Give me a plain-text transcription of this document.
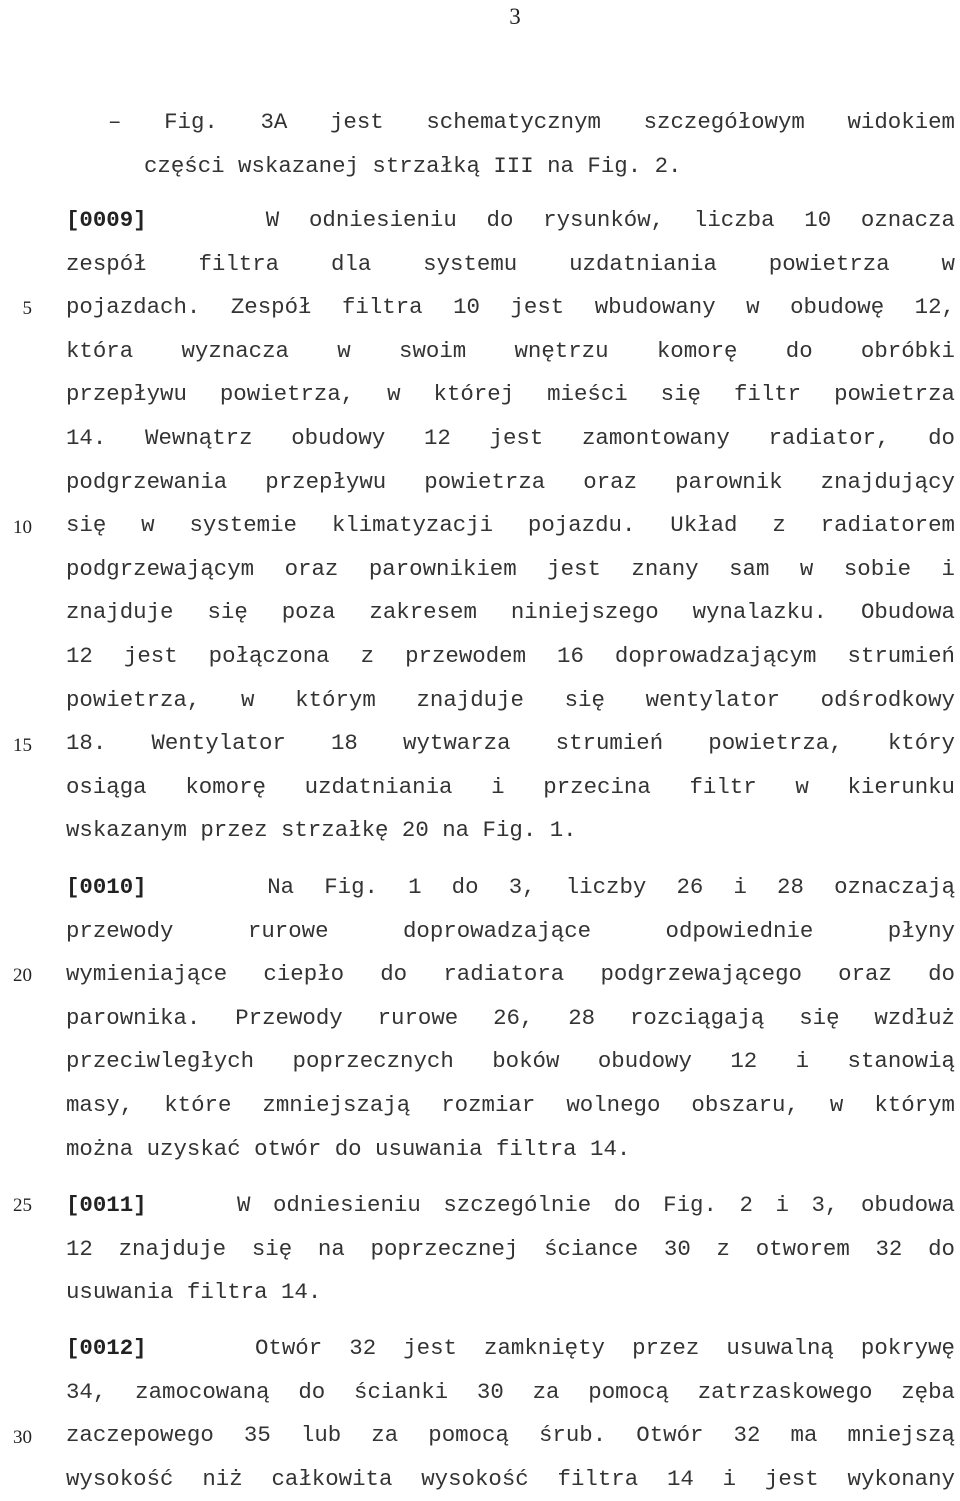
3
5
10
15
20
25
30
– Fig. 3A jest schematycznym szczegółowym widokiem
części wskazanej strzałką III na Fig. 2.
[0009]	W odniesieniu do rysunków, liczba 10 oznacza
zespół filtra dla systemu uzdatniania powietrza w
pojazdach. Zespół filtra 10 jest wbudowany w obudowę 12,
która wyznacza w swoim wnętrzu komorę do obróbki
przepływu powietrza, w której mieści się filtr powietrza
14. Wewnątrz obudowy 12 jest zamontowany radiator, do
podgrzewania przepływu powietrza oraz parownik znajdujący
się w systemie klimatyzacji pojazdu. Układ z radiatorem
podgrzewającym oraz parownikiem jest znany sam w sobie i
znajduje się poza zakresem niniejszego wynalazku. Obudowa
12 jest połączona z przewodem 16 doprowadzającym strumień
powietrza, w którym znajduje się wentylator odśrodkowy
18. Wentylator 18 wytwarza strumień powietrza, który
osiąga komorę uzdatniania i przecina filtr w kierunku
wskazanym przez strzałkę 20 na Fig. 1.
[0010]	Na Fig. 1 do 3, liczby 26 i 28 oznaczają
przewody rurowe doprowadzające odpowiednie płyny
wymieniające ciepło do radiatora podgrzewającego oraz do
parownika. Przewody rurowe 26, 28 rozciągają się wzdłuż
przeciwległych poprzecznych boków obudowy 12 i stanowią
masy, które zmniejszają rozmiar wolnego obszaru, w którym
można uzyskać otwór do usuwania filtra 14.
[0011]	W odniesieniu szczególnie do Fig. 2 i 3, obudowa
12 znajduje się na poprzecznej ściance 30 z otworem 32 do
usuwania filtra 14.
[0012]	Otwór 32 jest zamknięty przez usuwalną pokrywę
34, zamocowaną do ścianki 30 za pomocą zatrzaskowego zęba
zaczepowego 35 lub za pomocą śrub. Otwór 32 ma mniejszą
wysokość niż całkowita wysokość filtra 14 i jest wykonany
